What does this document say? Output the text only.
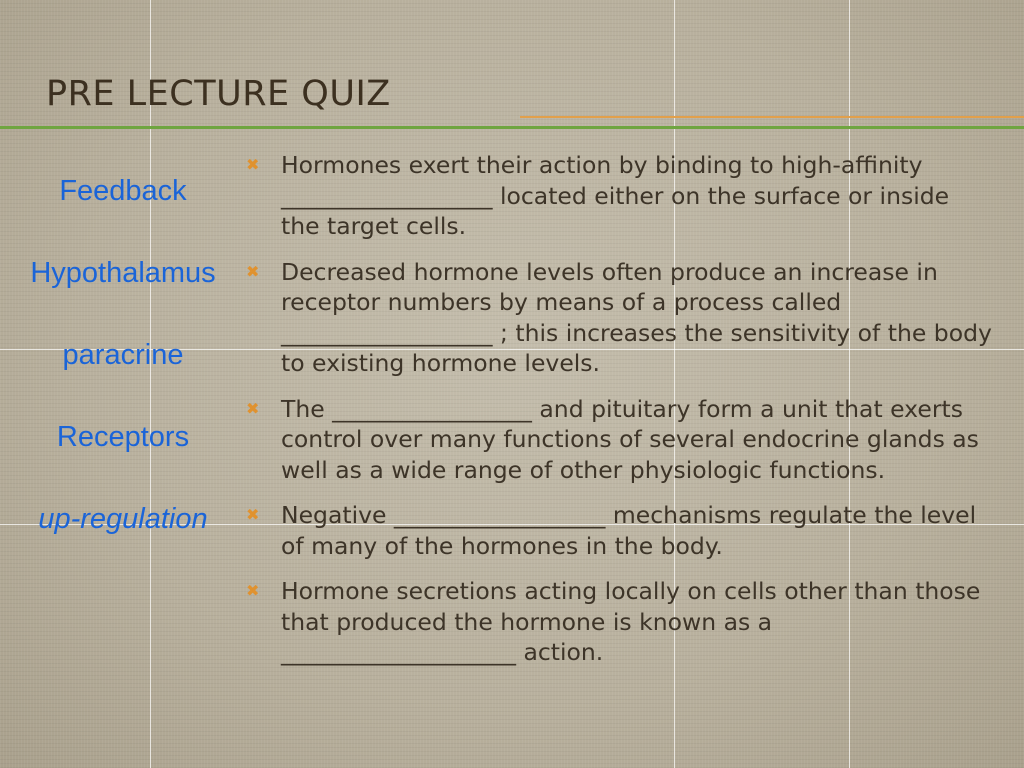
PRE LECTURE QUIZ
Feedback
Hypothalamus
paracrine
Receptors
up-regulation
✖ Hormones exert their action by binding to high-affinity __________________ located either on the surface or inside the target cells.
✖ Decreased hormone levels often produce an increase in receptor numbers by means of a process called __________________ ; this increases the sensitivity of the body to existing hormone levels.
✖ The _________________ and pituitary form a unit that exerts control over many functions of several endocrine glands as well as a wide range of other physiologic functions.
✖ Negative __________________ mechanisms regulate the level of many of the hormones in the body.
✖ Hormone secretions acting locally on cells other than those that produced the hormone is known as a ____________________ action.
